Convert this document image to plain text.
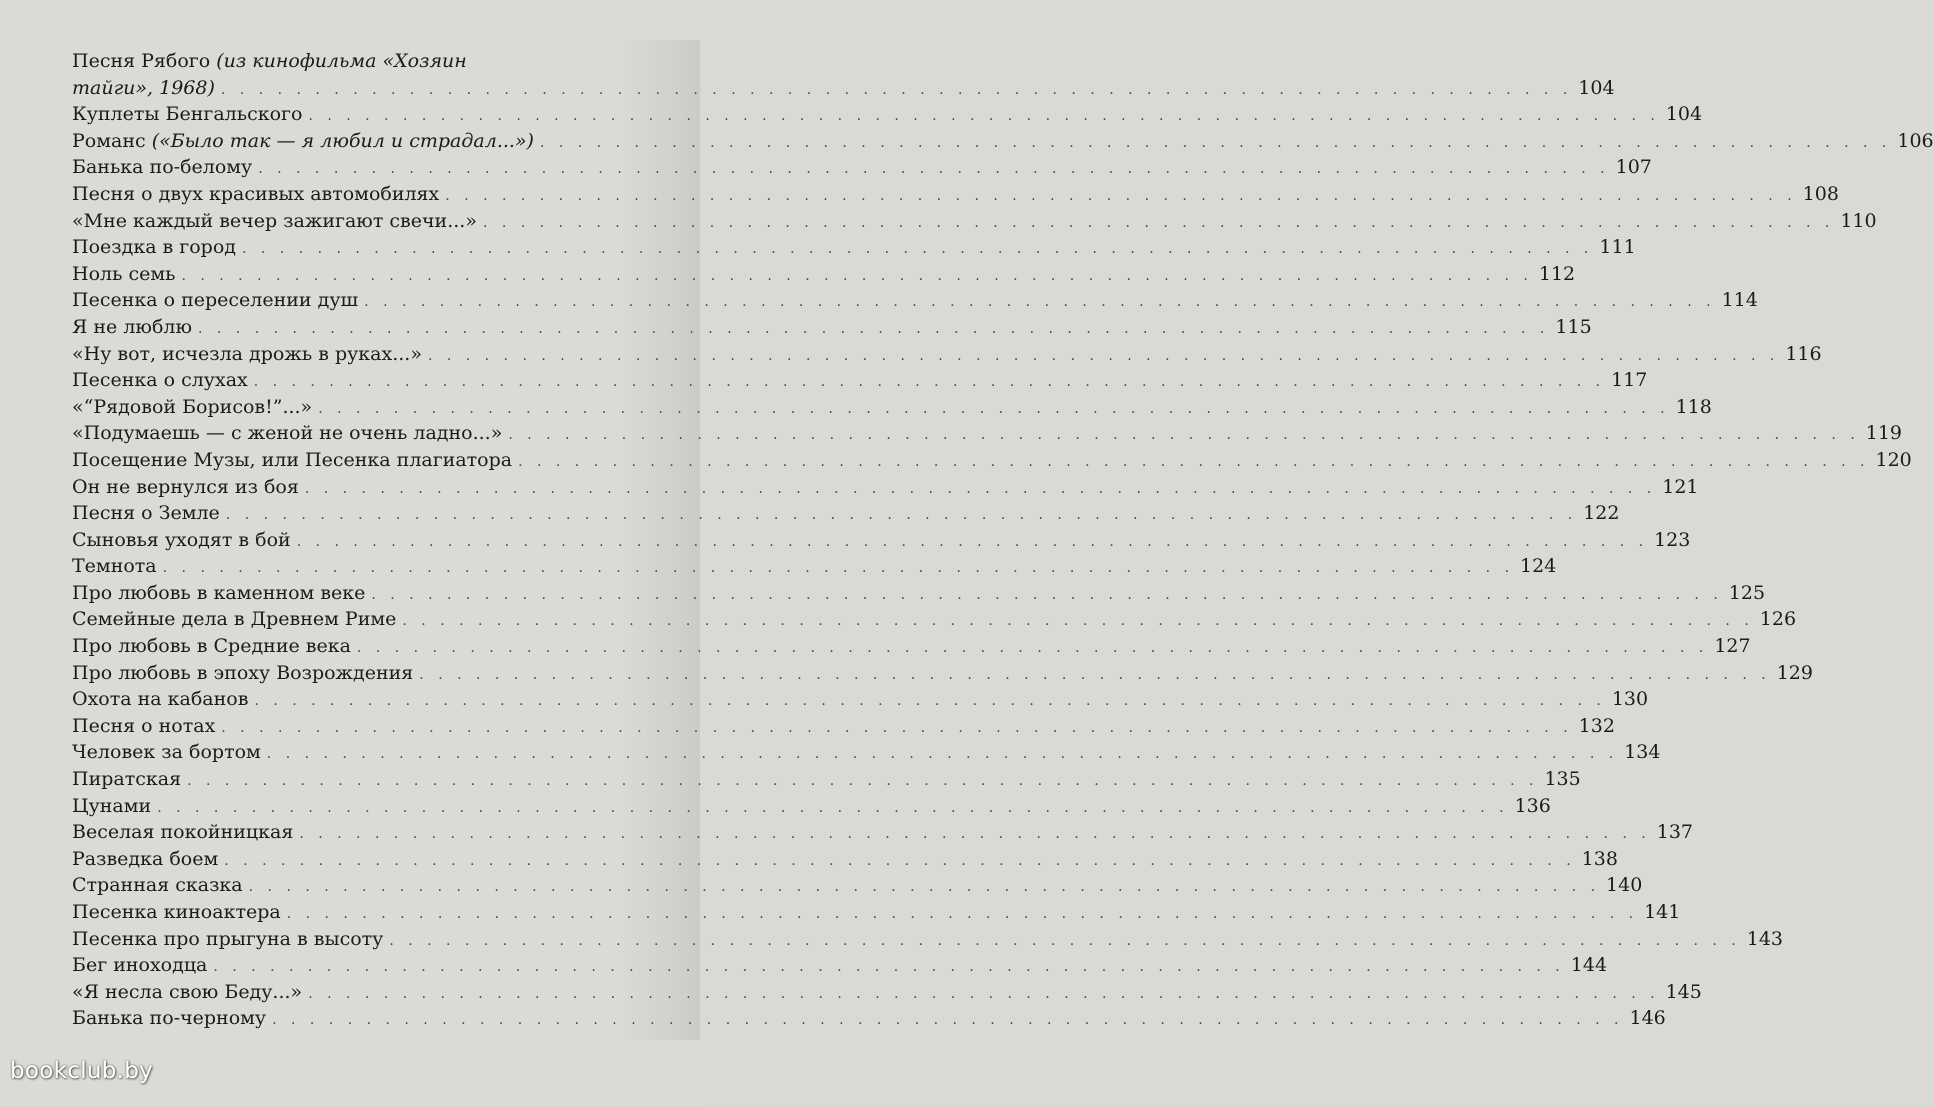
Песня Рябого (из кинофильма «Хозяин
тайги», 1968) . . .	104
Куплеты Бенгальского . . .	104
Романс («Было так — я любил и страдал...») . . .	106
Банька по-белому . . .	107
Песня о двух красивых автомобилях . . .	108
«Мне каждый вечер зажигают свечи...» . . .	110
Поездка в город . . .	111
Ноль семь . . .	112
Песенка о переселении душ . . .	114
Я не люблю . . .	115
«Ну вот, исчезла дрожь в руках...» . . .	116
Песенка о слухах . . .	117
«“Рядовой Борисов!”...» . . .	118
«Подумаешь — с женой не очень ладно...» . . .	119
Посещение Музы, или Песенка плагиатора . . .	120
Он не вернулся из боя . . .	121
Песня о Земле . . .	122
Сыновья уходят в бой . . .	123
Темнота . . .	124
Про любовь в каменном веке . . .	125
Семейные дела в Древнем Риме . . .	126
Про любовь в Средние века . . .	127
Про любовь в эпоху Возрождения . . .	129
Охота на кабанов . . .	130
Песня о нотах . . .	132
Человек за бортом . . .	134
Пиратская . . .	135
Цунами . . .	136
Веселая покойницкая . . .	137
Разведка боем . . .	138
Странная сказка . . .	140
Песенка киноактера . . .	141
Песенка про прыгуна в высоту . . .	143
Бег иноходца . . .	144
«Я несла свою Беду...» . . .	145
Банька по-черному . . .	146
bookclub.by
